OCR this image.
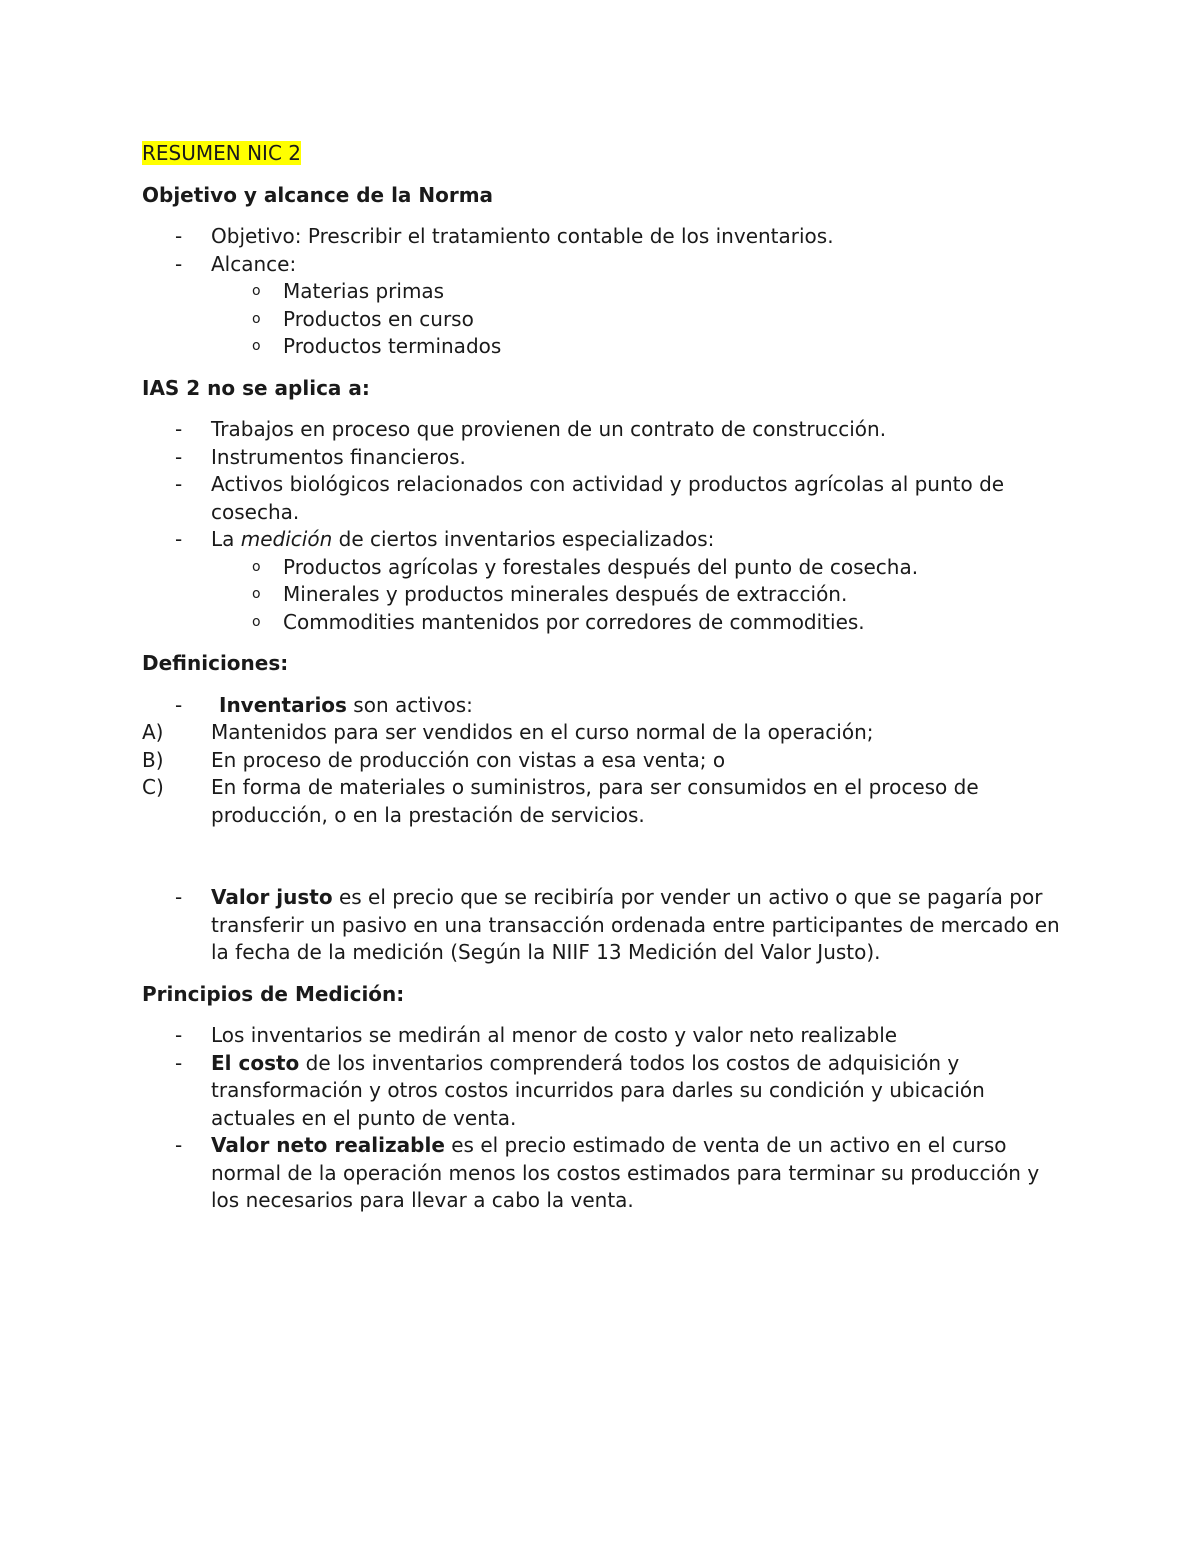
RESUMEN NIC 2
Objetivo y alcance de la Norma
-	Objetivo: Prescribir el tratamiento contable de los inventarios.
-	Alcance:
o	Materias primas
o	Productos en curso
o	Productos terminados
IAS 2 no se aplica a:
-	Trabajos en proceso que provienen de un contrato de construcción.
-	Instrumentos financieros.
-	Activos biológicos relacionados con actividad y productos agrícolas al punto de cosecha.
-	La medición de ciertos inventarios especializados:
o	Productos agrícolas y forestales después del punto de cosecha.
o	Minerales y productos minerales después de extracción.
o	Commodities mantenidos por corredores de commodities.
Definiciones:
-	Inventarios son activos:
A)	Mantenidos para ser vendidos en el curso normal de la operación;
B)	En proceso de producción con vistas a esa venta; o
C)	En forma de materiales o suministros, para ser consumidos en el proceso de producción, o en la prestación de servicios.
-	Valor justo es el precio que se recibiría por vender un activo o que se pagaría por transferir un pasivo en una transacción ordenada entre participantes de mercado en la fecha de la medición (Según la NIIF 13 Medición del Valor Justo).
Principios de Medición:
-	Los inventarios se medirán al menor de costo y valor neto realizable
-	El costo de los inventarios comprenderá todos los costos de adquisición y transformación y otros costos incurridos para darles su condición y ubicación actuales en el punto de venta.
-	Valor neto realizable es el precio estimado de venta de un activo en el curso normal de la operación menos los costos estimados para terminar su producción y los necesarios para llevar a cabo la venta.
